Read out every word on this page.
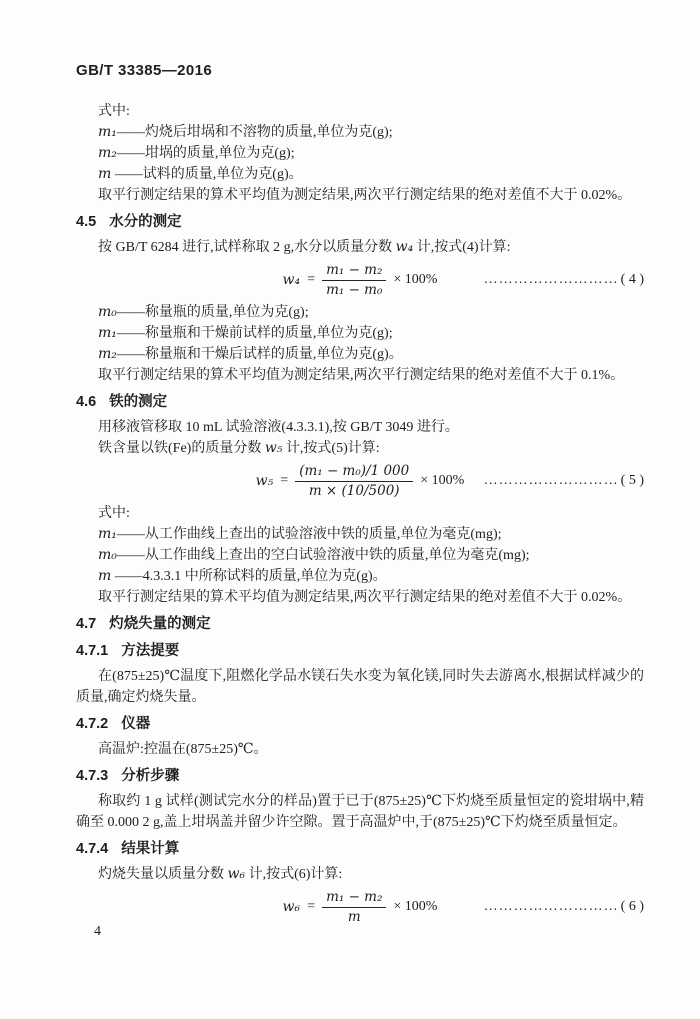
GB/T 33385—2016
式中:
m₁——灼烧后坩埚和不溶物的质量,单位为克(g);
m₂——坩埚的质量,单位为克(g);
m ——试料的质量,单位为克(g)。
取平行测定结果的算术平均值为测定结果,两次平行测定结果的绝对差值不大于 0.02%。
4.5 水分的测定
按 GB/T 6284 进行,试样称取 2 g,水分以质量分数 w₄ 计,按式(4)计算:
$w_4 = \frac{\text{m₁ − m₂}}{\text{m₁ − m₀}} \times 100\%$	……………………… ( 4 )
m₀——称量瓶的质量,单位为克(g);
m₁——称量瓶和干燥前试样的质量,单位为克(g);
m₂——称量瓶和干燥后试样的质量,单位为克(g)。
取平行测定结果的算术平均值为测定结果,两次平行测定结果的绝对差值不大于 0.1%。
4.6 铁的测定
用移液管移取 10 mL 试验溶液(4.3.3.1),按 GB/T 3049 进行。
铁含量以铁(Fe)的质量分数 w₅ 计,按式(5)计算:
$w_5 = \frac{\text{(m₁ − m₀)/1 000}}{m \times (10/500)} \times 100\%$ ……………………… ( 5 )
式中:
m₁——从工作曲线上查出的试验溶液中铁的质量,单位为毫克(mg);
m₀——从工作曲线上查出的空白试验溶液中铁的质量,单位为毫克(mg);
m ——4.3.3.1 中所称试料的质量,单位为克(g)。
取平行测定结果的算术平均值为测定结果,两次平行测定结果的绝对差值不大于 0.02%。
4.7 灼烧失量的测定
4.7.1 方法提要
在(875±25)℃温度下,阻燃化学品水镁石失水变为氧化镁,同时失去游离水,根据试样减少的质量,确定灼烧失量。
4.7.2 仪器
高温炉:控温在(875±25)℃。
4.7.3 分析步骤
称取约 1 g 试样(测试完水分的样品)置于已于(875±25)℃下灼烧至质量恒定的瓷坩埚中,精确至 0.000 2 g,盖上坩埚盖并留少许空隙。置于高温炉中,于(875±25)℃下灼烧至质量恒定。
4.7.4 结果计算
灼烧失量以质量分数 w₆ 计,按式(6)计算:
$w_6 = \frac{\text{m₁ − m₂}}{m} \times 100\%$	……………………… ( 6 )
4
